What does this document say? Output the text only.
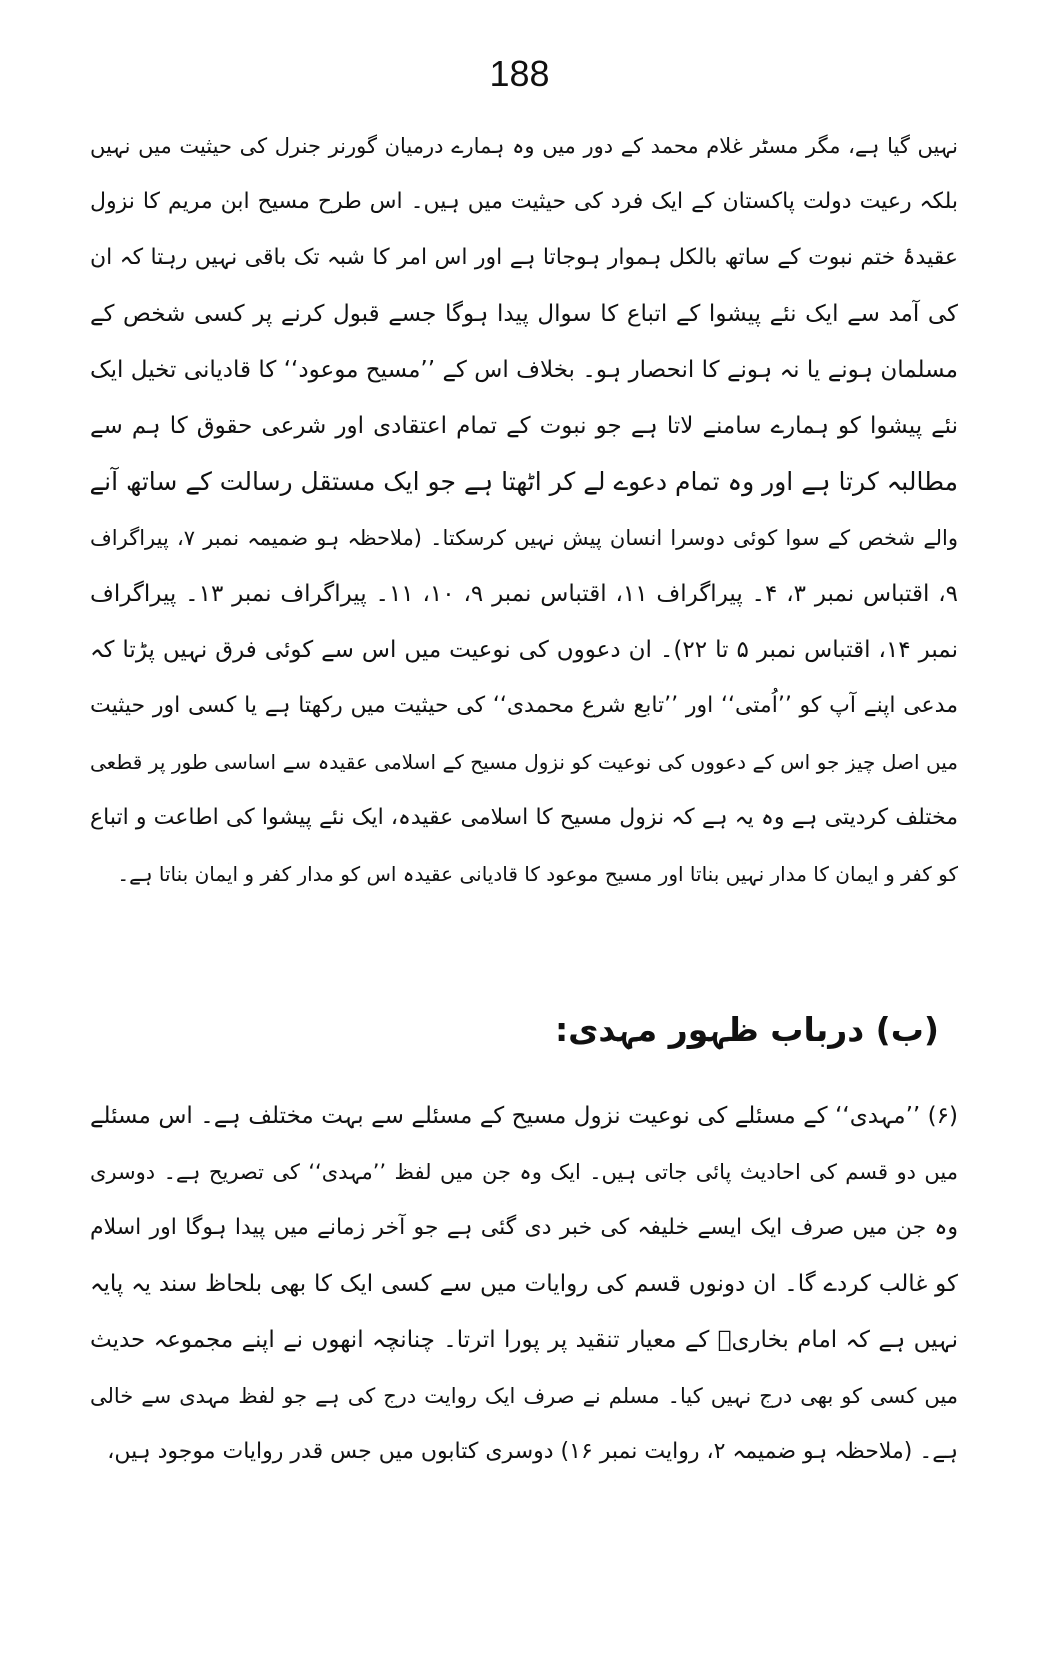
188
نہیں گیا ہے، مگر مسٹر غلام محمد کے دور میں وہ ہمارے درمیان گورنر جنرل کی حیثیت میں نہیں
بلکہ رعیت دولت پاکستان کے ایک فرد کی حیثیت میں ہیں۔ اس طرح مسیح ابن مریم کا نزول
عقیدۂ ختم نبوت کے ساتھ بالکل ہموار ہوجاتا ہے اور اس امر کا شبہ تک باقی نہیں رہتا کہ ان
کی آمد سے ایک نئے پیشوا کے اتباع کا سوال پیدا ہوگا جسے قبول کرنے پر کسی شخص کے
مسلمان ہونے یا نہ ہونے کا انحصار ہو۔ بخلاف اس کے ’’مسیح موعود‘‘ کا قادیانی تخیل ایک
نئے پیشوا کو ہمارے سامنے لاتا ہے جو نبوت کے تمام اعتقادی اور شرعی حقوق کا ہم سے
مطالبہ کرتا ہے اور وہ تمام دعوے لے کر اٹھتا ہے جو ایک مستقل رسالت کے ساتھ آنے
والے شخص کے سوا کوئی دوسرا انسان پیش نہیں کرسکتا۔ (ملاحظہ ہو ضمیمہ نمبر ۷، پیراگراف
۹، اقتباس نمبر ۳، ۴۔ پیراگراف ۱۱، اقتباس نمبر ۹، ۱۰، ۱۱۔ پیراگراف نمبر ۱۳۔ پیراگراف
نمبر ۱۴، اقتباس نمبر ۵ تا ۲۲)۔ ان دعووں کی نوعیت میں اس سے کوئی فرق نہیں پڑتا کہ
مدعی اپنے آپ کو ’’اُمتی‘‘ اور ’’تابع شرع محمدی‘‘ کی حیثیت میں رکھتا ہے یا کسی اور حیثیت
میں اصل چیز جو اس کے دعووں کی نوعیت کو نزول مسیح کے اسلامی عقیدہ سے اساسی طور پر قطعی
مختلف کردیتی ہے وہ یہ ہے کہ نزول مسیح کا اسلامی عقیدہ، ایک نئے پیشوا کی اطاعت و اتباع
کو کفر و ایمان کا مدار نہیں بناتا اور مسیح موعود کا قادیانی عقیدہ اس کو مدار کفر و ایمان بناتا ہے۔
(ب) درباب ظہور مہدی:
(۶) ’’مہدی‘‘ کے مسئلے کی نوعیت نزول مسیح کے مسئلے سے بہت مختلف ہے۔ اس مسئلے
میں دو قسم کی احادیث پائی جاتی ہیں۔ ایک وہ جن میں لفظ ’’مہدی‘‘ کی تصریح ہے۔ دوسری
وہ جن میں صرف ایک ایسے خلیفہ کی خبر دی گئی ہے جو آخر زمانے میں پیدا ہوگا اور اسلام
کو غالب کردے گا۔ ان دونوں قسم کی روایات میں سے کسی ایک کا بھی بلحاظ سند یہ پایہ
نہیں ہے کہ امام بخاریؒ کے معیار تنقید پر پورا اترتا۔ چنانچہ انھوں نے اپنے مجموعہ حدیث
میں کسی کو بھی درج نہیں کیا۔ مسلم نے صرف ایک روایت درج کی ہے جو لفظ مہدی سے خالی
ہے۔ (ملاحظہ ہو ضمیمہ ۲، روایت نمبر ۱۶) دوسری کتابوں میں جس قدر روایات موجود ہیں،
